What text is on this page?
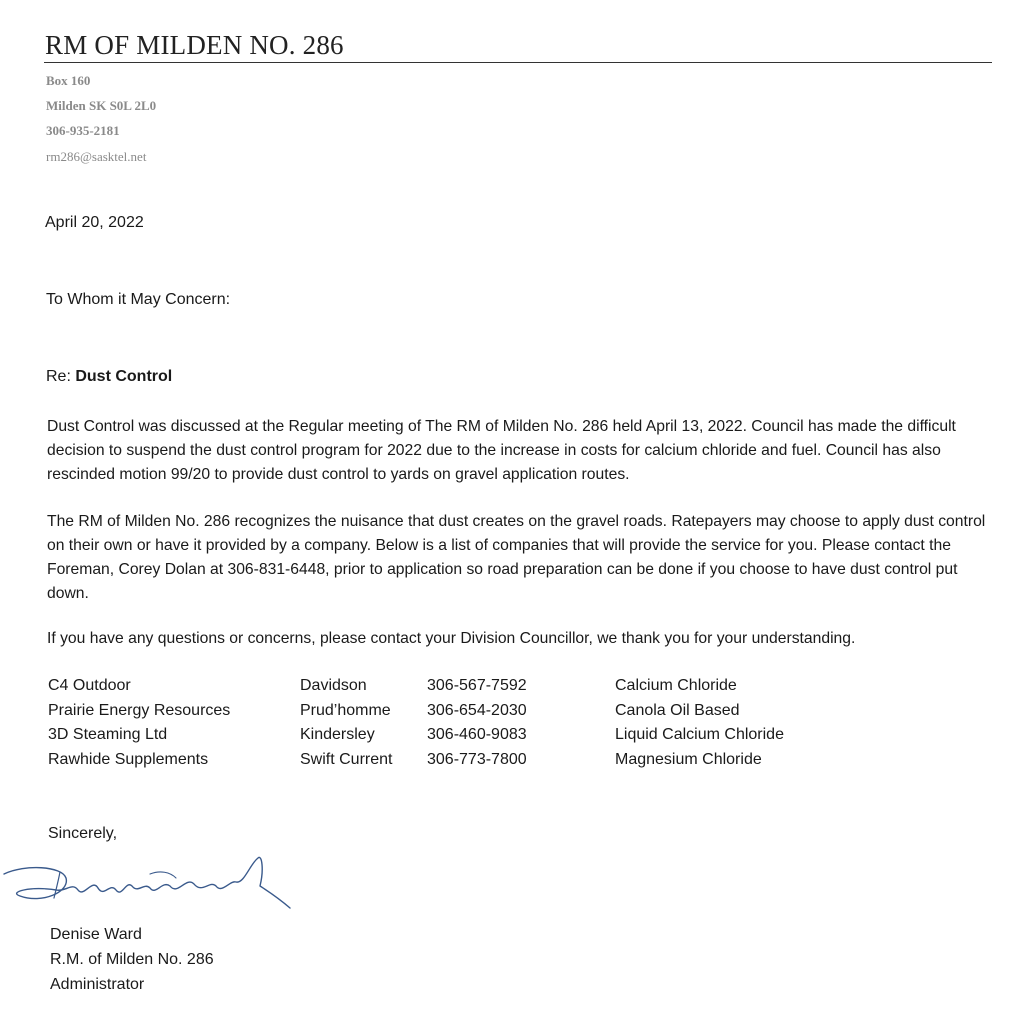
RM OF MILDEN NO. 286
Box 160
Milden SK S0L 2L0
306-935-2181
rm286@sasktel.net
April 20, 2022
To Whom it May Concern:
Re: Dust Control
Dust Control was discussed at the Regular meeting of The RM of Milden No. 286 held April 13, 2022. Council has made the difficult decision to suspend the dust control program for 2022 due to the increase in costs for calcium chloride and fuel. Council has also rescinded motion 99/20 to provide dust control to yards on gravel application routes.
The RM of Milden No. 286 recognizes the nuisance that dust creates on the gravel roads. Ratepayers may choose to apply dust control on their own or have it provided by a company. Below is a list of companies that will provide the service for you. Please contact the Foreman, Corey Dolan at 306-831-6448, prior to application so road preparation can be done if you choose to have dust control put down.
If you have any questions or concerns, please contact your Division Councillor, we thank you for your understanding.
C4 Outdoor	Davidson	306-567-7592	Calcium Chloride
Prairie Energy Resources	Prud’homme	306-654-2030	Canola Oil Based
3D Steaming Ltd	Kindersley	306-460-9083	Liquid Calcium Chloride
Rawhide Supplements	Swift Current	306-773-7800	Magnesium Chloride
Sincerely,
Denise Ward
R.M. of Milden No. 286
Administrator
